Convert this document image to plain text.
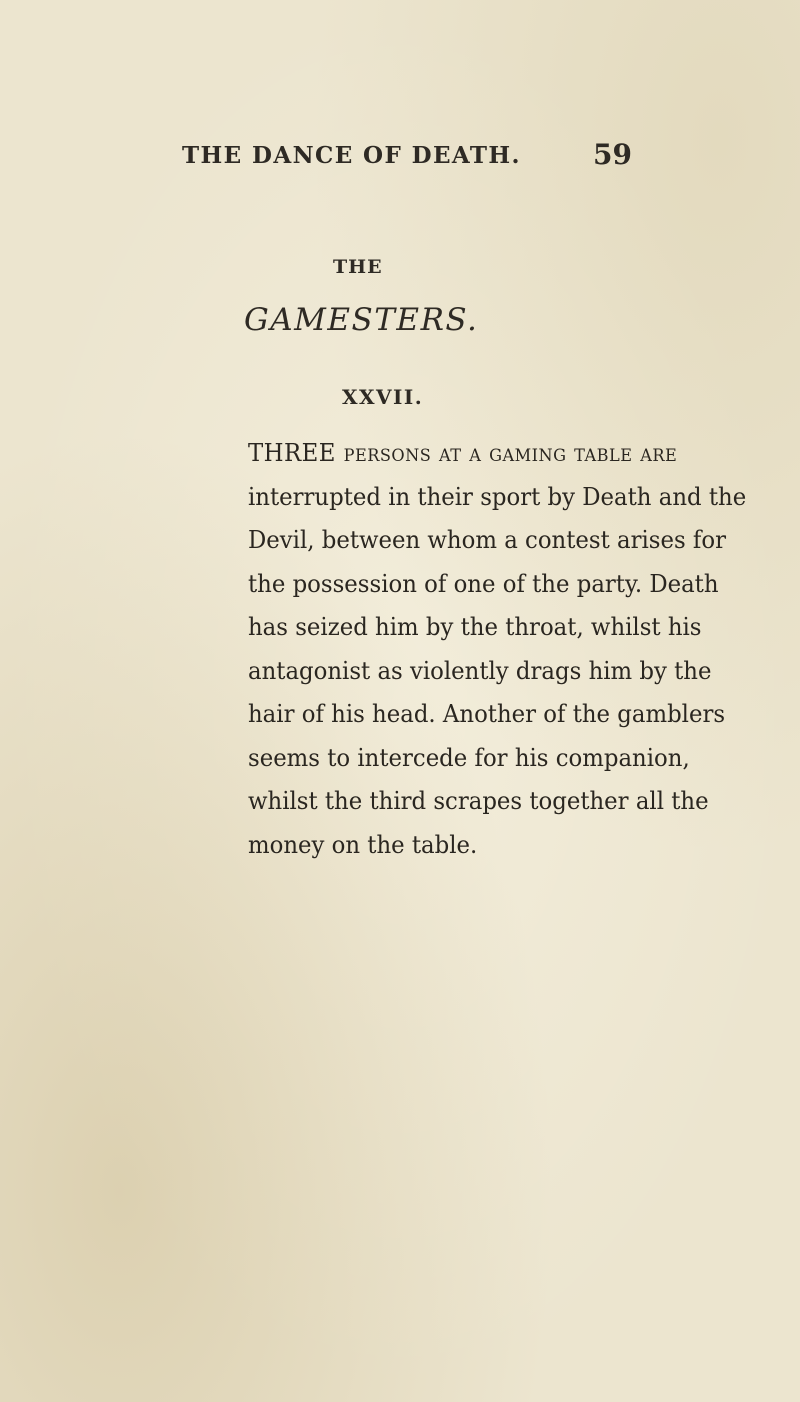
THE DANCE OF DEATH.	59
THE
GAMESTERS.
XXVII.
THREE persons at a gaming table are
interrupted in their sport by Death and the
Devil, between whom a contest arises for
the possession of one of the party. Death
has seized him by the throat, whilst his
antagonist as violently drags him by the
hair of his head. Another of the gamblers
seems to intercede for his companion,
whilst the third scrapes together all the
money on the table.
